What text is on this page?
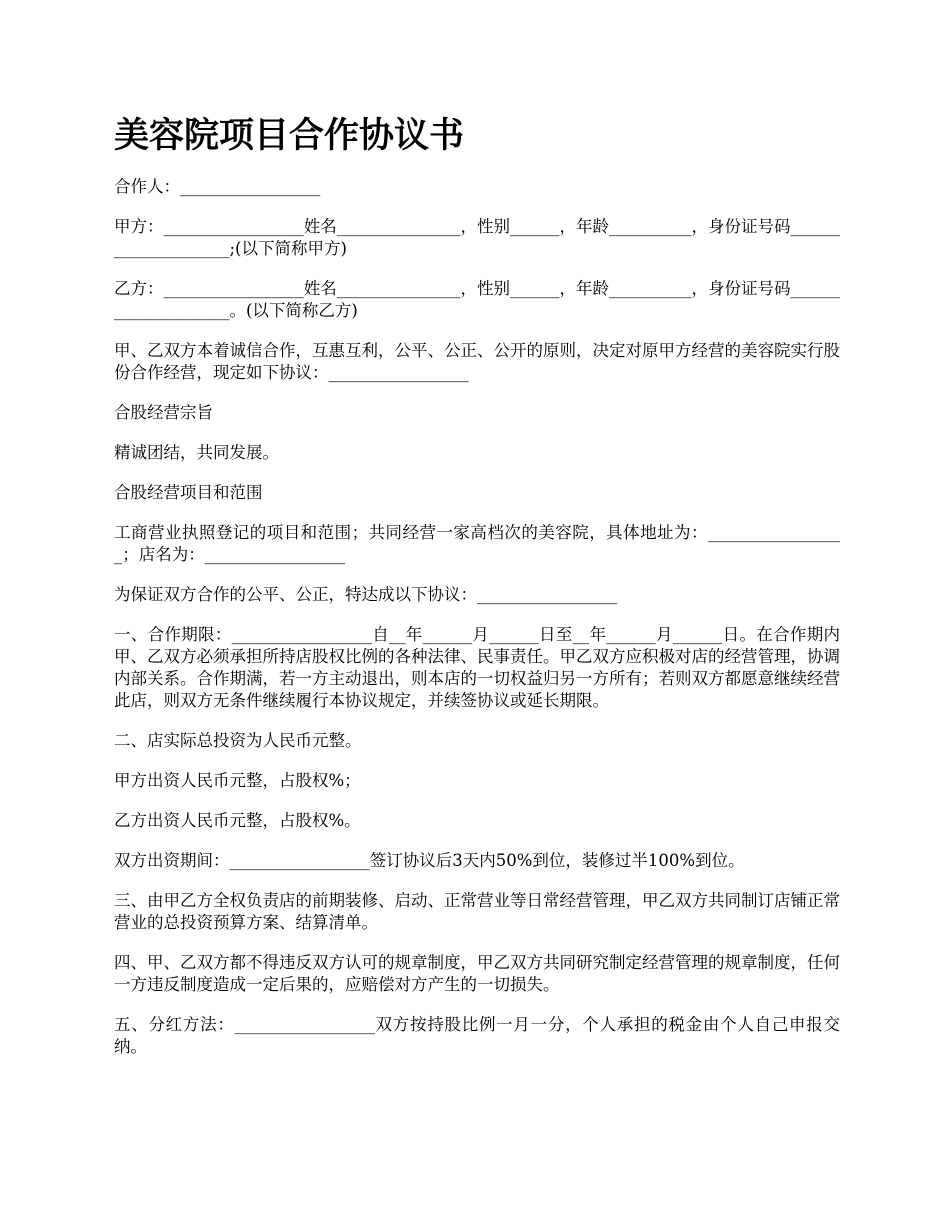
美容院项目合作协议书

合作人：_________________

甲方：_________________姓名_______________，性别______，年龄__________，身份证号码____________________;(以下简称甲方)

乙方：_________________姓名_______________，性别______，年龄__________，身份证号码____________________。(以下简称乙方)

甲、乙双方本着诚信合作，互惠互利，公平、公正、公开的原则，决定对原甲方经营的美容院实行股份合作经营，现定如下协议：_________________

合股经营宗旨

精诚团结，共同发展。

合股经营项目和范围

工商营业执照登记的项目和范围；共同经营一家高档次的美容院，具体地址为：_________________；店名为：_________________

为保证双方合作的公平、公正，特达成以下协议：_________________

一、合作期限：_________________自__年______月______日至__年______月______日。在合作期内甲、乙双方必须承担所持店股权比例的各种法律、民事责任。甲乙双方应积极对店的经营管理，协调内部关系。合作期满，若一方主动退出，则本店的一切权益归另一方所有；若则双方都愿意继续经营此店，则双方无条件继续履行本协议规定，并续签协议或延长期限。

二、店实际总投资为人民币元整。

甲方出资人民币元整，占股权%；

乙方出资人民币元整，占股权%。

双方出资期间：_________________签订协议后3天内50%到位，装修过半100%到位。

三、由甲乙方全权负责店的前期装修、启动、正常营业等日常经营管理，甲乙双方共同制订店铺正常营业的总投资预算方案、结算清单。

四、甲、乙双方都不得违反双方认可的规章制度，甲乙双方共同研究制定经营管理的规章制度，任何一方违反制度造成一定后果的，应赔偿对方产生的一切损失。

五、分红方法：_________________双方按持股比例一月一分，个人承担的税金由个人自己申报交纳。
